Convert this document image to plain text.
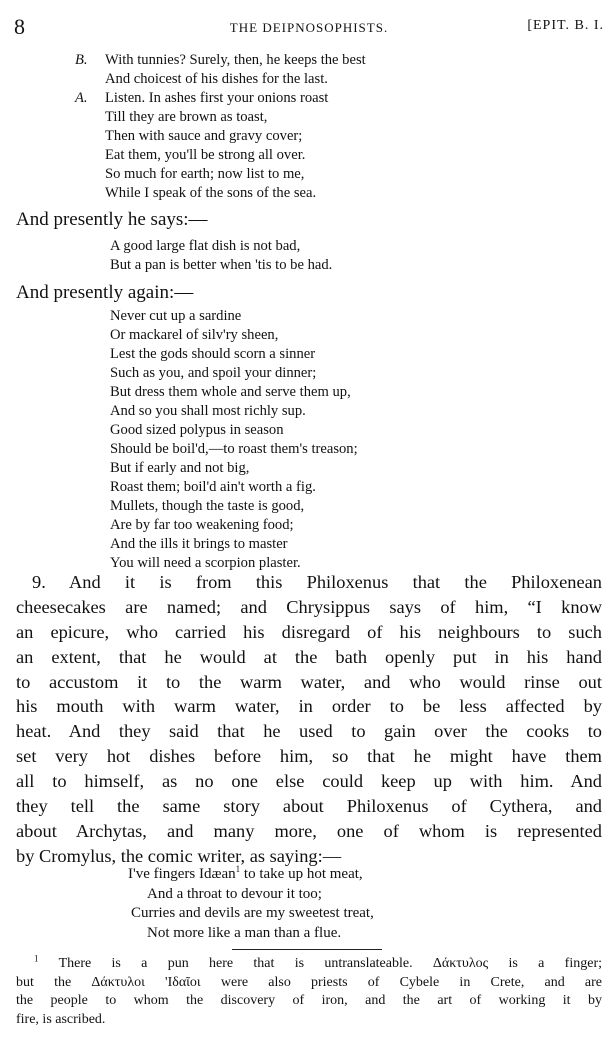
8	THE DEIPNOSOPHISTS.	[EPIT. B. I.
B. With tunnies? Surely, then, he keeps the best
And choicest of his dishes for the last.
A. Listen. In ashes first your onions roast
Till they are brown as toast,
Then with sauce and gravy cover;
Eat them, you'll be strong all over.
So much for earth; now list to me,
While I speak of the sons of the sea.
And presently he says:—
A good large flat dish is not bad,
But a pan is better when 'tis to be had.
And presently again:—
Never cut up a sardine
Or mackarel of silv'ry sheen,
Lest the gods should scorn a sinner
Such as you, and spoil your dinner;
But dress them whole and serve them up,
And so you shall most richly sup.
Good sized polypus in season
Should be boil'd,—to roast them's treason;
But if early and not big,
Roast them; boil'd ain't worth a fig.
Mullets, though the taste is good,
Are by far too weakening food;
And the ills it brings to master
You will need a scorpion plaster.
9. And it is from this Philoxenus that the Philoxenean
cheesecakes are named; and Chrysippus says of him, “I know
an epicure, who carried his disregard of his neighbours to such
an extent, that he would at the bath openly put in his hand
to accustom it to the warm water, and who would rinse out
his mouth with warm water, in order to be less affected by
heat. And they said that he used to gain over the cooks to
set very hot dishes before him, so that he might have them
all to himself, as no one else could keep up with him. And
they tell the same story about Philoxenus of Cythera, and
about Archytas, and many more, one of whom is represented
by Cromylus, the comic writer, as saying:—
I've fingers Idæan$^1$ to take up hot meat,
And a throat to devour it too;
Curries and devils are my sweetest treat,
Not more like a man than a flue.
$^1$ There is a pun here that is untranslateable. Δάκτυλος is a finger;
but the Δάκτυλοι 'Ιδαῖοι were also priests of Cybele in Crete, and are
the people to whom the discovery of iron, and the art of working it by
fire, is ascribed.
